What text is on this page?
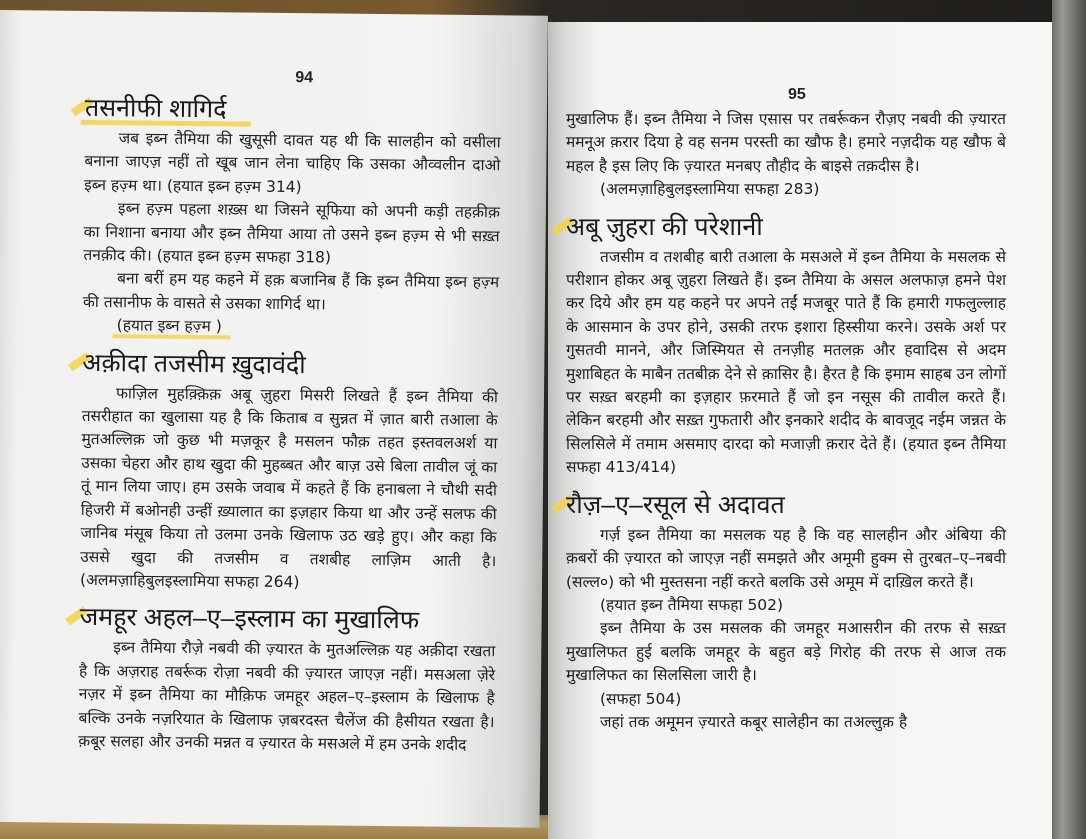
94
तसनीफी शागिर्द

जब इब्न तैमिया की खुसूसी दावत यह थी कि सालहीन को वसीला बनाना जाएज़ नहीं तो खूब जान लेना चाहिए कि उसका औव्वलीन दाओ इब्न हज़्म था। (हयात इब्न हज़्म 314)

इब्न हज़्म पहला शख़्स था जिसने सूफिया को अपनी कड़ी तहक़ीक़ का निशाना बनाया और इब्न तैमिया आया तो उसने इब्न हज़्म से भी सख़्त तनक़ीद की। (हयात इब्न हज़्म सफहा 318)

बना बरीं हम यह कहने में हक़ बजानिब हैं कि इब्न तैमिया इब्न हज़्म की तसानीफ के वासते से उसका शागिर्द था।

(हयात इब्न हज़्म )
अक़ीदा तजसीम ख़ुदावंदी

फाज़िल मुहक़्क़िक़ अबू ज़ुहरा मिसरी लिखते हैं इब्न तैमिया की तसरीहात का खुलासा यह है कि किताब व सुन्नत में ज़ात बारी तआला के मुतअल्लिक़ जो कुछ भी मज़कूर है मसलन फौक़ तहत इस्तवलअर्श या उसका चेहरा और हाथ खुदा की मुहब्बत और बाज़ उसे बिला तावील जूं का तूं मान लिया जाए। हम उसके जवाब में कहते हैं कि हनाबला ने चौथी सदी हिजरी में बओनही उन्हीं ख़्यालात का इज़हार किया था और उन्हें सलफ की जानिब मंसूब किया तो उलमा उनके खिलाफ उठ खड़े हुए। और कहा कि उससे खुदा की तजसीम व तशबीह लाज़िम आती है। (अलमज़ाहिबुलइस्लामिया सफहा 264)

जमहूर अहल–ए–इस्लाम का मुखालिफ

इब्न तैमिया रौज़े नबवी की ज़्यारत के मुतअल्लिक़ यह अक़ीदा रखता है कि अज़राह तबर्रूक रोज़ा नबवी की ज़्यारत जाएज़ नहीं। मसअला ज़ेरे नज़र में इब्न तैमिया का मौक़िफ जमहूर अहल–ए–इस्लाम के खिलाफ है बल्कि उनके नज़रियात के खिलाफ ज़बरदस्त चैलेंज की हैसीयत रखता है। क़बूर सलहा और उनकी मन्नत व ज़्यारत के मसअले में हम उनके शदीद

95

मुखालिफ हैं। इब्न तैमिया ने जिस एसास पर तबर्रूकन रौज़ए नबवी की ज़्यारत ममनूअ क़रार दिया हे वह सनम परस्ती का खौफ है। हमारे नज़दीक यह खौफ बे महल है इस लिए कि ज़्यारत मनबए तौहीद के बाइसे तक़दीस है।

(अलमज़ाहिबुलइस्लामिया सफहा 283)
अबू ज़ुहरा की परेशानी

तजसीम व तशबीह बारी तआला के मसअले में इब्न तैमिया के मसलक से परीशान होकर अबू ज़ुहरा लिखते हैं। इब्न तैमिया के असल अलफाज़ हमने पेश कर दिये और हम यह कहने पर अपने तईं मजबूर पाते हैं कि हमारी गफलुल्लाह के आसमान के उपर होने, उसकी तरफ इशारा हिस्सीया करने। उसके अर्श पर गुसतवी मानने, और जिस्मियत से तनज़ीह मतलक़ और हवादिस से अदम मुशाबिहत के माबैन ततबीक़ देने से क़ासिर है। हैरत है कि इमाम साहब उन लोगों पर सख़्त बरहमी का इज़हार फ़रमाते हैं जो इन नसूस की तावील करते हैं। लेकिन बरहमी और सख़्त गुफतारी और इनकारे शदीद के बावजूद नईम जन्नत के सिलसिले में तमाम असमाए दारदा को मजाज़ी क़रार देते हैं। (हयात इब्न तैमिया सफहा 413/414)

रौज़–ए–रसूल से अदावत

गर्ज़ इब्न तैमिया का मसलक यह है कि वह सालहीन और अंबिया की क़बरों की ज़्यारत को जाएज़ नहीं समझते और अमूमी हुक्म से तुरबत–ए–नबवी (सल्ल०) को भी मुस्तसना नहीं करते बलकि उसे अमूम में दाख़िल करते हैं।

(हयात इब्न तैमिया सफहा 502)

इब्न तैमिया के उस मसलक की जमहूर मआसरीन की तरफ से सख़्त मुखालिफत हुई बलकि जमहूर के बहुत बड़े गिरोह की तरफ से आज तक मुखालिफत का सिलसिला जारी है।

(सफहा 504)

जहां तक अमूमन ज़्यारते कबूर सालेहीन का तअल्लुक़ है
